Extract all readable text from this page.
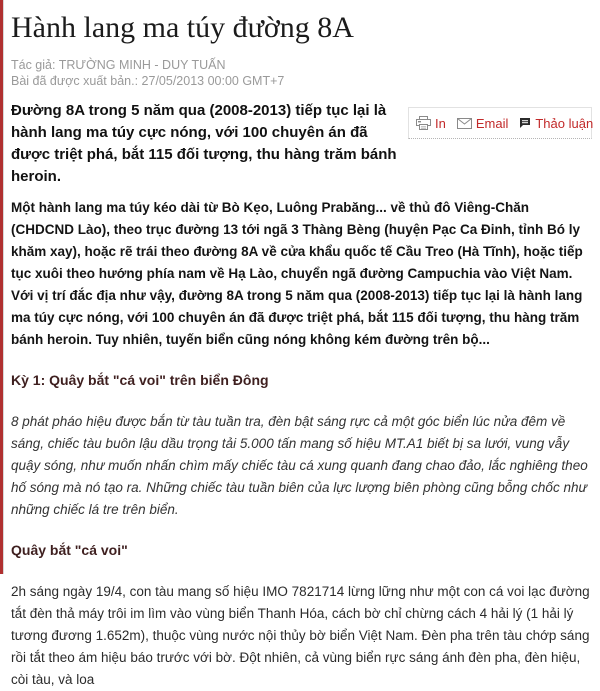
Hành lang ma túy đường 8A
Tác giả: TRƯỜNG MINH - DUY TUẤN
Bài đã được xuất bản.: 27/05/2013 00:00 GMT+7

Đường 8A trong 5 năm qua (2008-2013) tiếp tục lại là hành lang ma túy cực nóng, với 100 chuyên án đã được triệt phá, bắt 115 đối tượng, thu hàng trăm bánh heroin.

In Email Thảo luận

Một hành lang ma túy kéo dài từ Bò Kẹo, Luông Prabăng... về thủ đô Viêng-Chăn (CHDCND Lào), theo trục đường 13 tới ngã 3 Thàng Bèng (huyện Pạc Ca Đinh, tỉnh Bó ly khăm xay), hoặc rẽ trái theo đường 8A về cửa khẩu quốc tế Cầu Treo (Hà Tĩnh), hoặc tiếp tục xuôi theo hướng phía nam về Hạ Lào, chuyển ngã đường Campuchia vào Việt Nam. Với vị trí đắc địa như vậy, đường 8A trong 5 năm qua (2008-2013) tiếp tục lại là hành lang ma túy cực nóng, với 100 chuyên án đã được triệt phá, bắt 115 đối tượng, thu hàng trăm bánh heroin. Tuy nhiên, tuyến biển cũng nóng không kém đường trên bộ...

Kỳ 1: Quây bắt "cá voi" trên biển Đông

8 phát pháo hiệu được bắn từ tàu tuần tra, đèn bật sáng rực cả một góc biển lúc nửa đêm về sáng, chiếc tàu buôn lậu dầu trọng tải 5.000 tấn mang số hiệu MT.A1 biết bị sa lưới, vung vẫy quậy sóng, như muốn nhấn chìm mấy chiếc tàu cá xung quanh đang chao đảo, lắc nghiêng theo hố sóng mà nó tạo ra. Những chiếc tàu tuần biên của lực lượng biên phòng cũng bỗng chốc như những chiếc lá tre trên biển.

Quây bắt "cá voi"

2h sáng ngày 19/4, con tàu mang số hiệu IMO 7821714 lừng lững như một con cá voi lạc đường tắt đèn thả máy trôi im lìm vào vùng biển Thanh Hóa, cách bờ chỉ chừng cách 4 hải lý (1 hải lý tương đương 1.652m), thuộc vùng nước nội thủy bờ biển Việt Nam. Đèn pha trên tàu chớp sáng rồi tắt theo ám hiệu báo trước với bờ. Đột nhiên, cả vùng biển rực sáng ánh đèn pha, đèn hiệu, còi tàu, và loa
